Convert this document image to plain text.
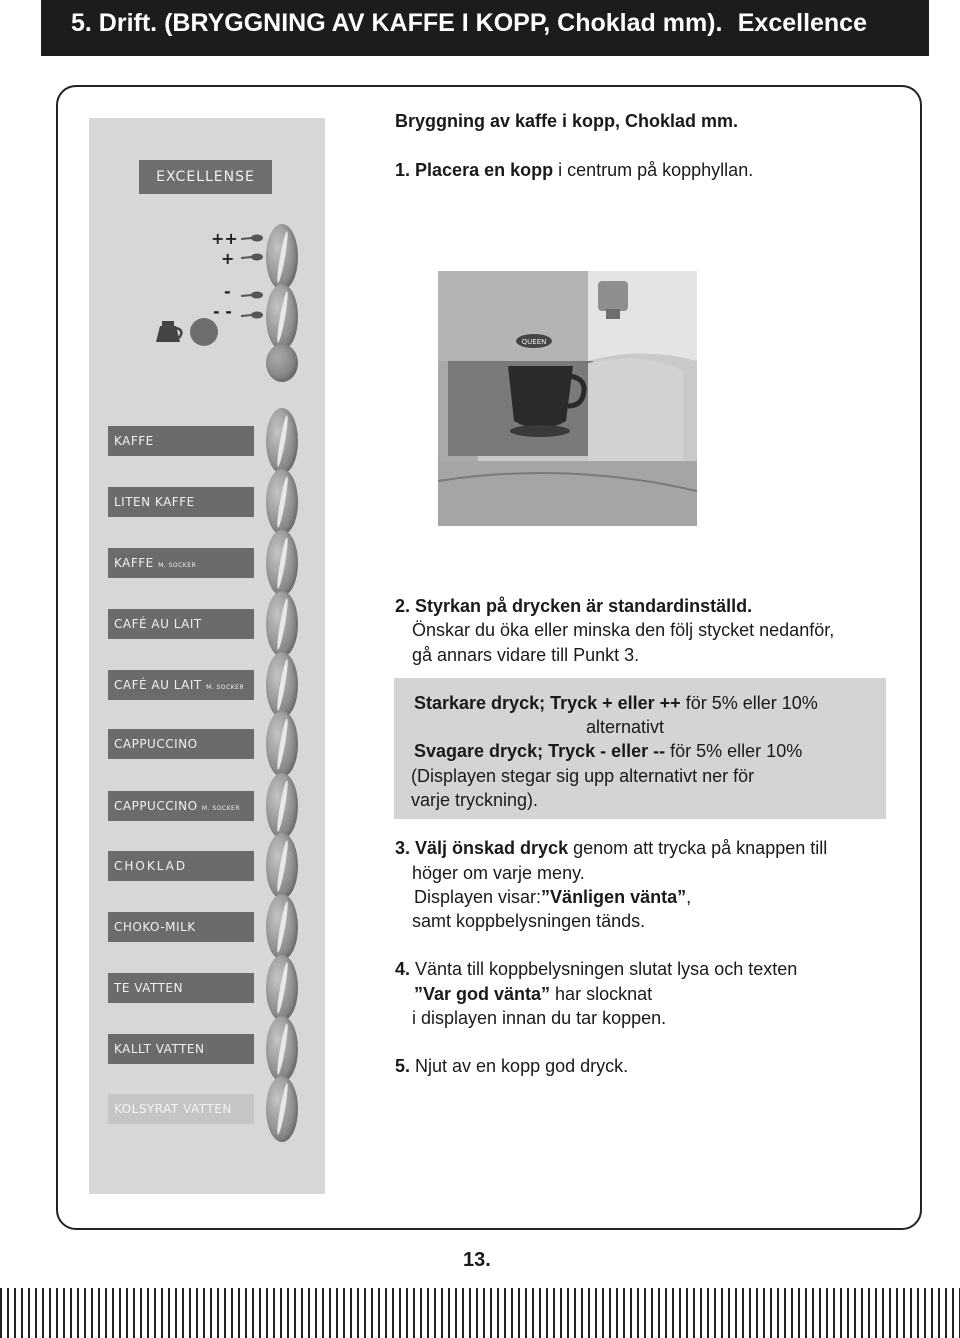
5. Drift. (BRYGGNING AV KAFFE I KOPP, Choklad mm). Excellence
EXCELLENSE
++
+
-
- -
KAFFE
LITEN KAFFE
KAFFE M. SOCKER
CAFÉ AU LAIT
CAFÉ AU LAIT M. SOCKER
CAPPUCCINO
CAPPUCCINO M. SOCKER
CHOKLAD
CHOKO-MILK
TE VATTEN
KALLT VATTEN
KOLSYRAT VATTEN
QUEEN
Bryggning av kaffe i kopp, Choklad mm.
1. Placera en kopp i centrum på kopphyllan.
2. Styrkan på drycken är standardinställd.
Önskar du öka eller minska den följ stycket nedanför,
gå annars vidare till Punkt 3.
Starkare dryck; Tryck + eller ++ för 5% eller 10%
alternativt
Svagare dryck; Tryck - eller -- för 5% eller 10%
(Displayen stegar sig upp alternativt ner för
varje tryckning).
3. Välj önskad dryck genom att trycka på knappen till
höger om varje meny.
Displayen visar:”Vänligen vänta”,
samt koppbelysningen tänds.
4. Vänta till koppbelysningen slutat lysa och texten
”Var god vänta” har slocknat
i displayen innan du tar koppen.
5. Njut av en kopp god dryck.
13.
